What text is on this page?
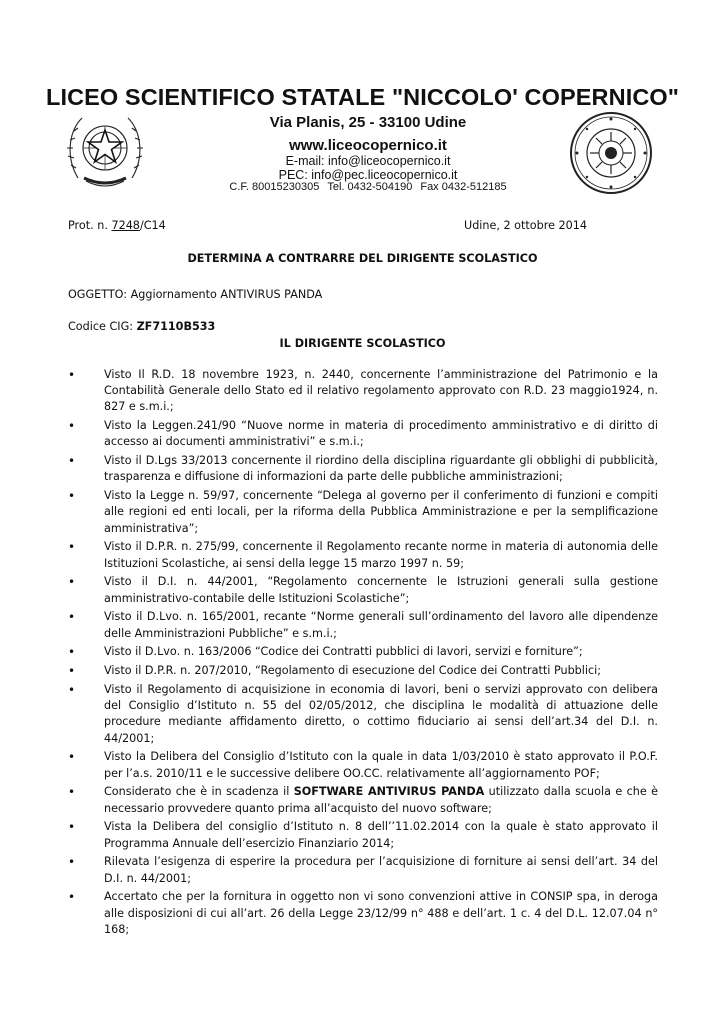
LICEO SCIENTIFICO STATALE "NICCOLO' COPERNICO"
Via Planis, 25 - 33100 Udine
www.liceocopernico.it
E-mail: info@liceocopernico.it
PEC: info@pec.liceocopernico.it
C.F. 80015230305 Tel. 0432-504190 Fax 0432-512185
Prot. n. 7248/C14	Udine, 2 ottobre 2014
DETERMINA A CONTRARRE DEL DIRIGENTE SCOLASTICO
OGGETTO: Aggiornamento ANTIVIRUS PANDA
Codice CIG: ZF7110B533
IL DIRIGENTE SCOLASTICO
• Visto Il R.D. 18 novembre 1923, n. 2440, concernente l’amministrazione del Patrimonio e la Contabilità Generale dello Stato ed il relativo regolamento approvato con R.D. 23 maggio1924, n. 827 e s.m.i.;
• Visto la Leggen.241/90 “Nuove norme in materia di procedimento amministrativo e di diritto di accesso ai documenti amministrativi” e s.m.i.;
• Visto il D.Lgs 33/2013 concernente il riordino della disciplina riguardante gli obblighi di pubblicità, trasparenza e diffusione di informazioni da parte delle pubbliche amministrazioni;
• Visto la Legge n. 59/97, concernente “Delega al governo per il conferimento di funzioni e compiti alle regioni ed enti locali, per la riforma della Pubblica Amministrazione e per la semplificazione amministrativa”;
• Visto il D.P.R. n. 275/99, concernente il Regolamento recante norme in materia di autonomia delle Istituzioni Scolastiche, ai sensi della legge 15 marzo 1997 n. 59;
• Visto il D.I. n. 44/2001, “Regolamento concernente le Istruzioni generali sulla gestione amministrativo-contabile delle Istituzioni Scolastiche”;
• Visto il D.Lvo. n. 165/2001, recante “Norme generali sull’ordinamento del lavoro alle dipendenze delle Amministrazioni Pubbliche” e s.m.i.;
• Visto il D.Lvo. n. 163/2006 “Codice dei Contratti pubblici di lavori, servizi e forniture”;
• Visto il D.P.R. n. 207/2010, “Regolamento di esecuzione del Codice dei Contratti Pubblici;
• Visto il Regolamento di acquisizione in economia di lavori, beni o servizi approvato con delibera del Consiglio d’Istituto n. 55 del 02/05/2012, che disciplina le modalità di attuazione delle procedure mediante affidamento diretto, o cottimo fiduciario ai sensi dell’art.34 del D.I. n. 44/2001;
• Visto la Delibera del Consiglio d’Istituto con la quale in data 1/03/2010 è stato approvato il P.O.F. per l’a.s. 2010/11 e le successive delibere OO.CC. relativamente all’aggiornamento POF;
• Considerato che è in scadenza il SOFTWARE ANTIVIRUS PANDA utilizzato dalla scuola e che è necessario provvedere quanto prima all’acquisto del nuovo software;
• Vista la Delibera del consiglio d’Istituto n. 8 dell’’11.02.2014 con la quale è stato approvato il Programma Annuale dell’esercizio Finanziario 2014;
• Rilevata l’esigenza di esperire la procedura per l’acquisizione di forniture ai sensi dell’art. 34 del D.I. n. 44/2001;
• Accertato che per la fornitura in oggetto non vi sono convenzioni attive in CONSIP spa, in deroga alle disposizioni di cui all’art. 26 della Legge 23/12/99 n° 488 e dell’art. 1 c. 4 del D.L. 12.07.04 n° 168;
